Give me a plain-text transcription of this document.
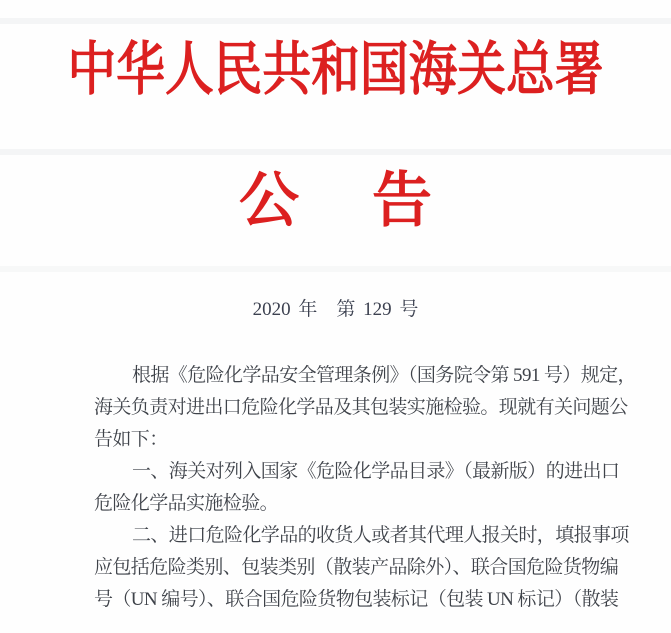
中华人民共和国海关总署
公 告
2020 年　第 129 号

根据《危险化学品安全管理条例》（国务院令第 591 号）规定，
海关负责对进出口危险化学品及其包装实施检验。现就有关问题公
告如下：

一、海关对列入国家《危险化学品目录》（最新版）的进出口
危险化学品实施检验。

二、进口危险化学品的收货人或者其代理人报关时，填报事项
应包括危险类别、包装类别（散装产品除外）、联合国危险货物编
号（UN 编号）、联合国危险货物包装标记（包装 UN 标记）（散装
